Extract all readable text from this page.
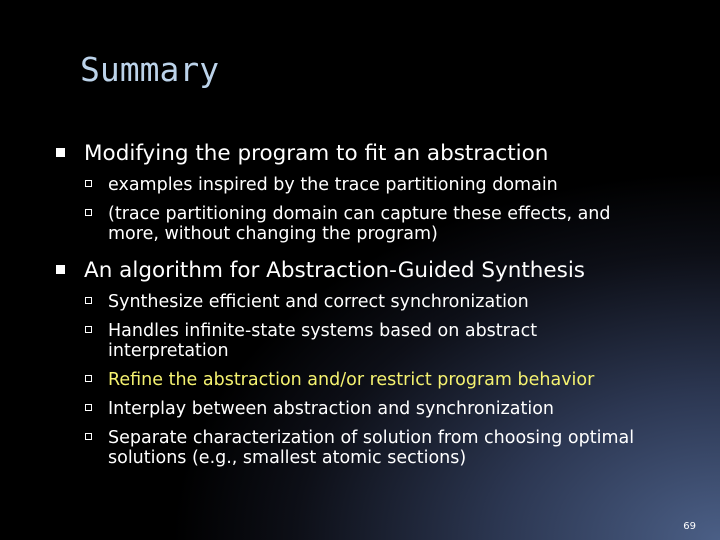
Summary
Modifying the program to fit an abstraction
examples inspired by the trace partitioning domain
(trace partitioning domain can capture these effects, and
more, without changing the program)
An algorithm for Abstraction-Guided Synthesis
Synthesize efficient and correct synchronization
Handles infinite-state systems based on abstract
interpretation
Refine the abstraction and/or restrict program behavior
Interplay between abstraction and synchronization
Separate characterization of solution from choosing optimal
solutions (e.g., smallest atomic sections)
69
